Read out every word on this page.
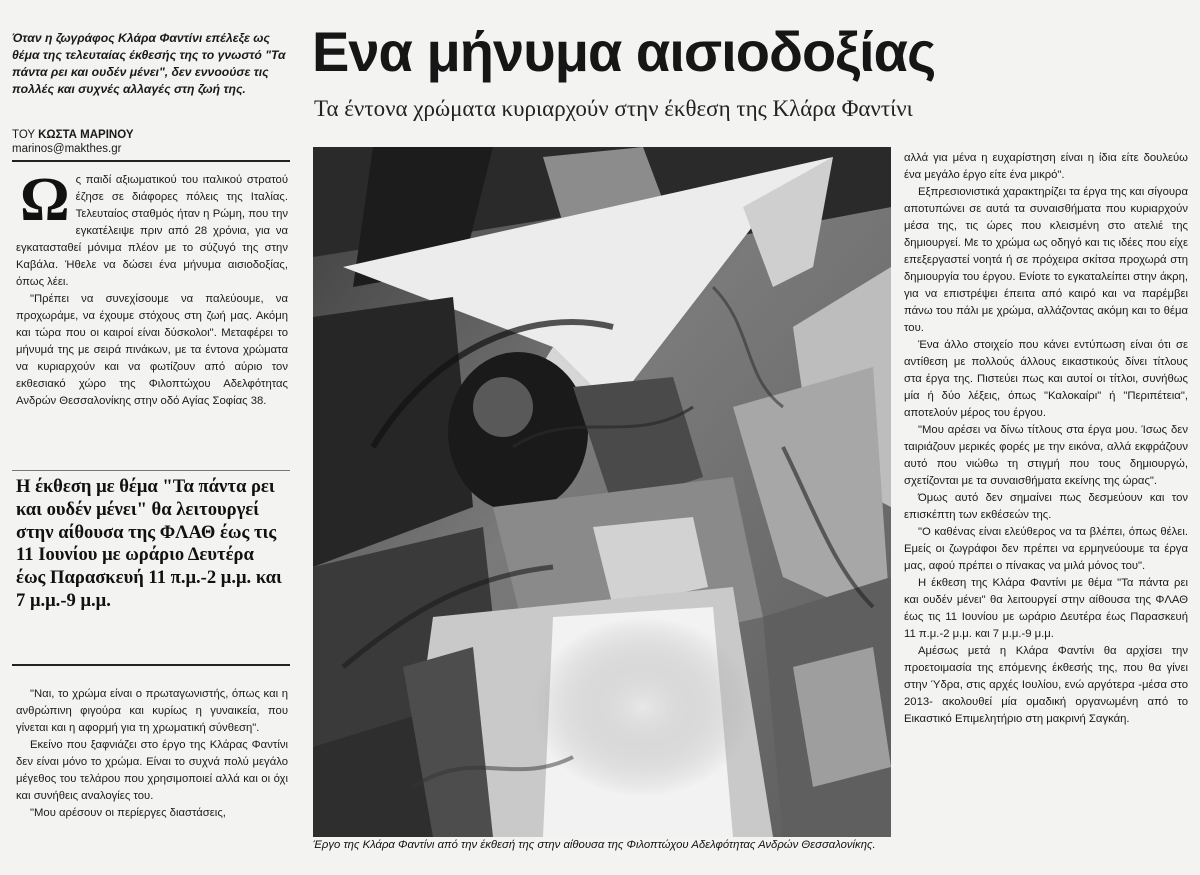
Όταν η ζωγράφος Κλάρα Φαντίνι επέλεξε ως θέμα της τελευταίας έκθεσής της το γνωστό "Τα πάντα ρει και ουδέν μένει", δεν εννοούσε τις πολλές και συχνές αλλαγές στη ζωή της.
ΤΟΥ ΚΩΣΤΑ ΜΑΡΙΝΟΥ
marinos@makthes.gr

Ως παιδί αξιωματικού του ιταλικού στρατού έζησε σε διάφορες πόλεις της Ιταλίας. Τελευταίος σταθμός ήταν η Ρώμη, που την εγκατέλειψε πριν από 28 χρόνια, για να εγκατασταθεί μόνιμα πλέον με το σύζυγό της στην Καβάλα. Ήθελε να δώσει ένα μήνυμα αισιοδοξίας, όπως λέει.

"Πρέπει να συνεχίσουμε να παλεύουμε, να προχωράμε, να έχουμε στόχους στη ζωή μας. Ακόμη και τώρα που οι καιροί είναι δύσκολοι". Μεταφέρει το μήνυμά της με σειρά πινάκων, με τα έντονα χρώματα να κυριαρχούν και να φωτίζουν από αύριο τον εκθεσιακό χώρο της Φιλοπτώχου Αδελφότητας Ανδρών Θεσσαλονίκης στην οδό Αγίας Σοφίας 38.

Η έκθεση με θέμα "Τα πάντα ρει και ουδέν μένει" θα λειτουργεί στην αίθουσα της ΦΛΑΘ έως τις 11 Ιουνίου με ωράριο Δευτέρα έως Παρασκευή 11 π.μ.-2 μ.μ. και 7 μ.μ.-9 μ.μ.

"Ναι, το χρώμα είναι ο πρωταγωνιστής, όπως και η ανθρώπινη φιγούρα και κυρίως η γυναικεία, που γίνεται και η αφορμή για τη χρωματική σύνθεση".

Εκείνο που ξαφνιάζει στο έργο της Κλάρας Φαντίνι δεν είναι μόνο το χρώμα. Είναι το συχνά πολύ μεγάλο μέγεθος του τελάρου που χρησιμοποιεί αλλά και οι όχι και συνήθεις αναλογίες του.

"Μου αρέσουν οι περίεργες διαστάσεις,

Ενα μήνυμα αισιοδοξίας
Τα έντονα χρώματα κυριαρχούν στην έκθεση της Κλάρα Φαντίνι
Έργο της Κλάρα Φαντίνι από την έκθεσή της στην αίθουσα της Φιλοπτώχου Αδελφότητας Ανδρών Θεσσαλονίκης.

αλλά για μένα η ευχαρίστηση είναι η ίδια είτε δουλεύω ένα μεγάλο έργο είτε ένα μικρό".

Εξπρεσιονιστικά χαρακτηρίζει τα έργα της και σίγουρα αποτυπώνει σε αυτά τα συναισθήματα που κυριαρχούν μέσα της, τις ώρες που κλεισμένη στο ατελιέ της δημιουργεί. Με το χρώμα ως οδηγό και τις ιδέες που είχε επεξεργαστεί νοητά ή σε πρόχειρα σκίτσα προχωρά στη δημιουργία του έργου. Ενίοτε το εγκαταλείπει στην άκρη, για να επιστρέψει έπειτα από καιρό και να παρέμβει πάνω του πάλι με χρώμα, αλλάζοντας ακόμη και το θέμα του.

Ένα άλλο στοιχείο που κάνει εντύπωση είναι ότι σε αντίθεση με πολλούς άλλους εικαστικούς δίνει τίτλους στα έργα της. Πιστεύει πως και αυτοί οι τίτλοι, συνήθως μία ή δύο λέξεις, όπως "Καλοκαίρι" ή "Περιπέτεια", αποτελούν μέρος του έργου.

"Μου αρέσει να δίνω τίτλους στα έργα μου. Ίσως δεν ταιριάζουν μερικές φορές με την εικόνα, αλλά εκφράζουν αυτό που νιώθω τη στιγμή που τους δημιουργώ, σχετίζονται με τα συναισθήματα εκείνης της ώρας".

Όμως αυτό δεν σημαίνει πως δεσμεύουν και τον επισκέπτη των εκθέσεών της.

"Ο καθένας είναι ελεύθερος να τα βλέπει, όπως θέλει. Εμείς οι ζωγράφοι δεν πρέπει να ερμηνεύουμε τα έργα μας, αφού πρέπει ο πίνακας να μιλά μόνος του".

Η έκθεση της Κλάρα Φαντίνι με θέμα "Τα πάντα ρει και ουδέν μένει" θα λειτουργεί στην αίθουσα της ΦΛΑΘ έως τις 11 Ιουνίου με ωράριο Δευτέρα έως Παρασκευή 11 π.μ.-2 μ.μ. και 7 μ.μ.-9 μ.μ.

Αμέσως μετά η Κλάρα Φαντίνι θα αρχίσει την προετοιμασία της επόμενης έκθεσής της, που θα γίνει στην Ύδρα, στις αρχές Ιουλίου, ενώ αργότερα -μέσα στο 2013- ακολουθεί μία ομαδική οργανωμένη από το Εικαστικό Επιμελητήριο στη μακρινή Σαγκάη.
